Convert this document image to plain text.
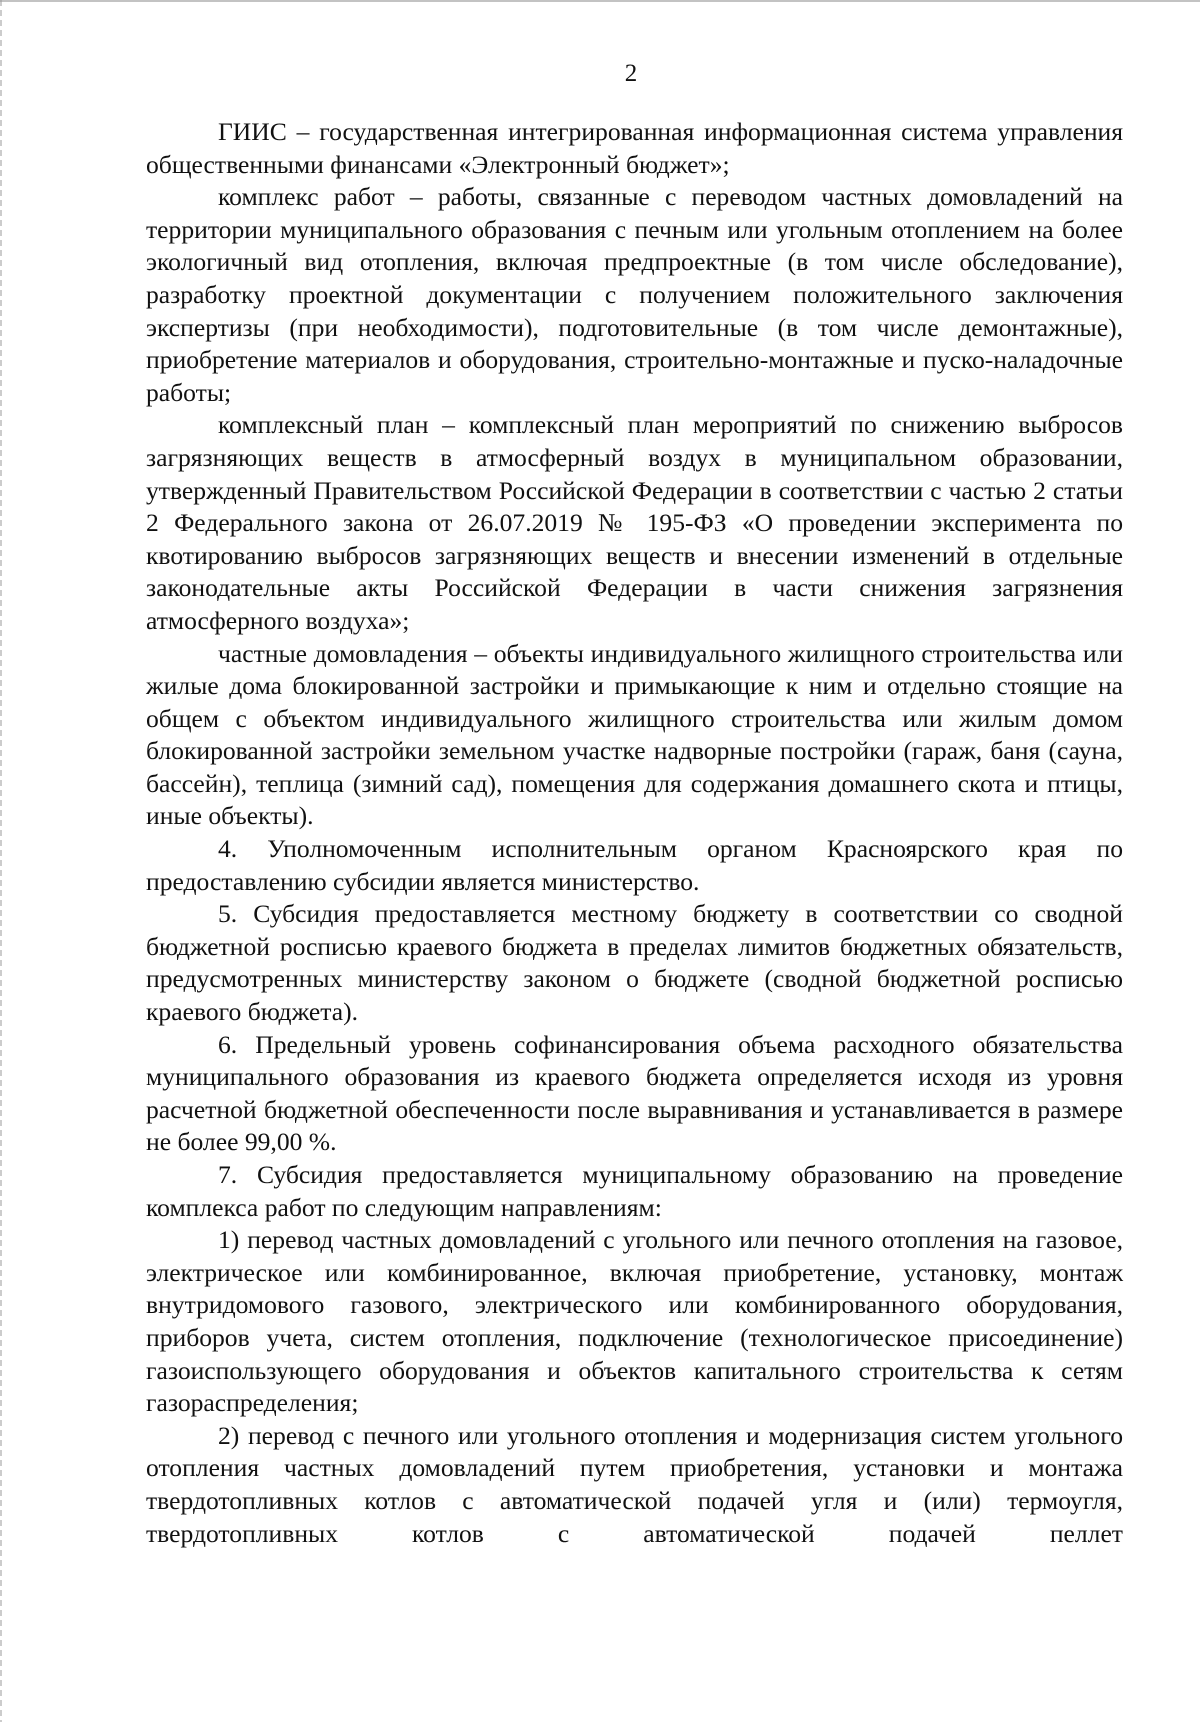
2

ГИИС – государственная интегрированная информационная система управления общественными финансами «Электронный бюджет»;

комплекс работ – работы, связанные с переводом частных домовладений на территории муниципального образования с печным или угольным отоплением на более экологичный вид отопления, включая предпроектные (в том числе обследование), разработку проектной документации с получением положительного заключения экспертизы (при необходимости), подготовительные (в том числе демонтажные), приобретение материалов и оборудования, строительно-монтажные и пуско-наладочные работы;

комплексный план – комплексный план мероприятий по снижению выбросов загрязняющих веществ в атмосферный воздух в муниципальном образовании, утвержденный Правительством Российской Федерации в соответствии с частью 2 статьи 2 Федерального закона от 26.07.2019 № 195-ФЗ «О проведении эксперимента по квотированию выбросов загрязняющих веществ и внесении изменений в отдельные законодательные акты Российской Федерации в части снижения загрязнения атмосферного воздуха»;

частные домовладения – объекты индивидуального жилищного строительства или жилые дома блокированной застройки и примыкающие к ним и отдельно стоящие на общем с объектом индивидуального жилищного строительства или жилым домом блокированной застройки земельном участке надворные постройки (гараж, баня (сауна, бассейн), теплица (зимний сад), помещения для содержания домашнего скота и птицы, иные объекты).

4. Уполномоченным исполнительным органом Красноярского края по предоставлению субсидии является министерство.

5. Субсидия предоставляется местному бюджету в соответствии со сводной бюджетной росписью краевого бюджета в пределах лимитов бюджетных обязательств, предусмотренных министерству законом о бюджете (сводной бюджетной росписью краевого бюджета).

6. Предельный уровень софинансирования объема расходного обязательства муниципального образования из краевого бюджета определяется исходя из уровня расчетной бюджетной обеспеченности после выравнивания и устанавливается в размере не более 99,00 %.

7. Субсидия предоставляется муниципальному образованию на проведение комплекса работ по следующим направлениям:

1) перевод частных домовладений с угольного или печного отопления на газовое, электрическое или комбинированное, включая приобретение, установку, монтаж внутридомового газового, электрического или комбинированного оборудования, приборов учета, систем отопления, подключение (технологическое присоединение) газоиспользующего оборудования и объектов капитального строительства к сетям газораспределения;

2) перевод с печного или угольного отопления и модернизация систем угольного отопления частных домовладений путем приобретения, установки и монтажа твердотопливных котлов с автоматической подачей угля и (или) термоугля, твердотопливных котлов с автоматической подачей пеллет
